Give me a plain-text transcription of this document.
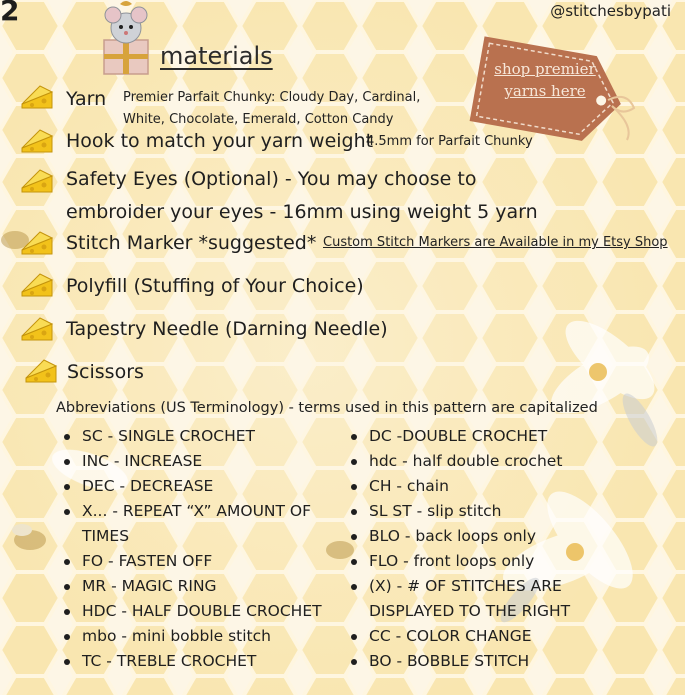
2	@stitchesbypati
materials	shop premier
yarns here
Yarn Premier Parfait Chunky: Cloudy Day, Cardinal,
White, Chocolate, Emerald, Cotton Candy
Hook to match your yarn weight
4.5mm for Parfait Chunky
Safety Eyes (Optional) - You may choose to
embroider your eyes - 16mm using weight 5 yarn
Stitch Marker *suggested* Custom Stitch Markers are Available in my Etsy Shop
Polyfill (Stuffing of Your Choice)
Tapestry Needle (Darning Needle)
Scissors
Abbreviations (US Terminology) - terms used in this pattern are capitalized
SC - SINGLE CROCHET
INC - INCREASE
DEC - DECREASE
X... - REPEAT “X” AMOUNT OF
TIMES
FO - FASTEN OFF
MR - MAGIC RING
HDC - HALF DOUBLE CROCHET
mbo - mini bobble stitch
TC - TREBLE CROCHET
DC -DOUBLE CROCHET
hdc - half double crochet
CH - chain
SL ST - slip stitch
BLO - back loops only
FLO - front loops only
(X) - # OF STITCHES ARE
DISPLAYED TO THE RIGHT
CC - COLOR CHANGE
BO - BOBBLE STITCH
